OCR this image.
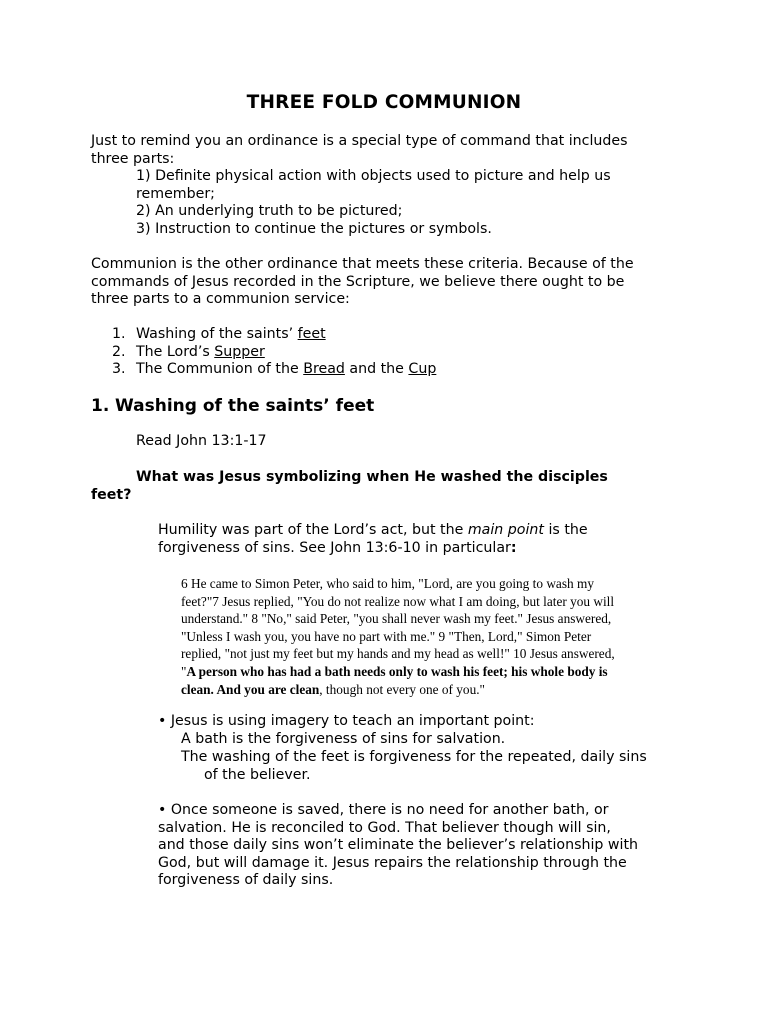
THREE FOLD COMMUNION
Just to remind you an ordinance is a special type of command that includes
three parts:
1) Definite physical action with objects used to picture and help us
remember;
2) An underlying truth to be pictured;
3) Instruction to continue the pictures or symbols.
Communion is the other ordinance that meets these criteria. Because of the
commands of Jesus recorded in the Scripture, we believe there ought to be
three parts to a communion service:
1. Washing of the saints’ feet
2. The Lord’s Supper
3. The Communion of the Bread and the Cup
1. Washing of the saints’ feet
Read John 13:1-17
What was Jesus symbolizing when He washed the disciples
feet?
Humility was part of the Lord’s act, but the main point is the
forgiveness of sins. See John 13:6-10 in particular:
6 He came to Simon Peter, who said to him, "Lord, are you going to wash my
feet?"7 Jesus replied, "You do not realize now what I am doing, but later you will
understand." 8 "No," said Peter, "you shall never wash my feet." Jesus answered,
"Unless I wash you, you have no part with me." 9 "Then, Lord," Simon Peter
replied, "not just my feet but my hands and my head as well!" 10 Jesus answered,
"A person who has had a bath needs only to wash his feet; his whole body is
clean. And you are clean, though not every one of you."
• Jesus is using imagery to teach an important point:
A bath is the forgiveness of sins for salvation.
The washing of the feet is forgiveness for the repeated, daily sins
of the believer.
• Once someone is saved, there is no need for another bath, or
salvation. He is reconciled to God. That believer though will sin,
and those daily sins won’t eliminate the believer’s relationship with
God, but will damage it. Jesus repairs the relationship through the
forgiveness of daily sins.
